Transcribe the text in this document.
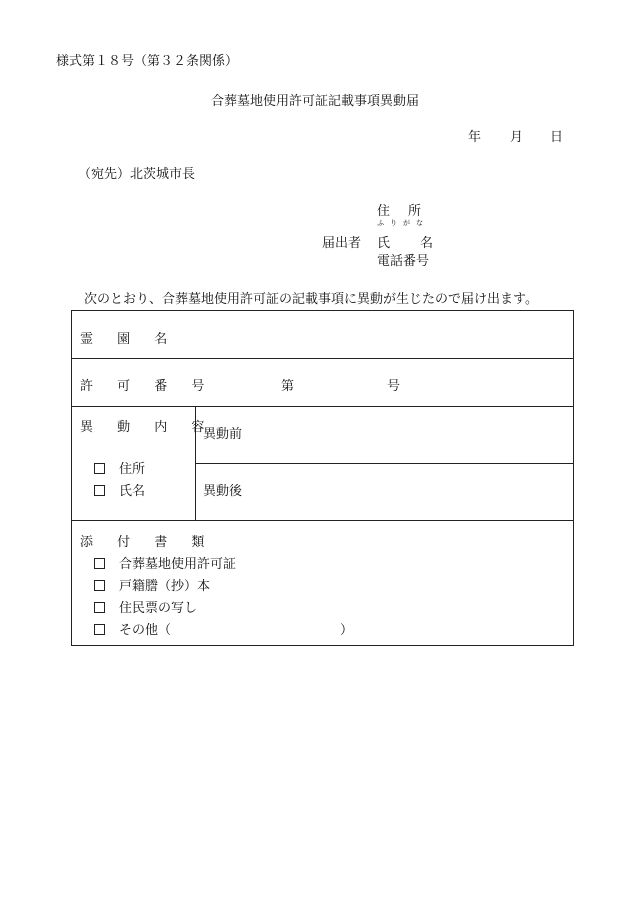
様式第１８号（第３２条関係）
合葬墓地使用許可証記載事項異動届
年 月 日
（宛先）北茨城市長
届出者
住 所
ふりがな
氏 名
電話番号
次のとおり、合葬墓地使用許可証の記載事項に異動が生じたので届け出ます。
霊 園 名
許 可 番 号	第	号
異 動 内 容
住所
氏名
異動前
異動後
添 付 書 類
合葬墓地使用許可証
戸籍謄（抄）本
住民票の写し
その他（　　　　　　　　　　　　　）
